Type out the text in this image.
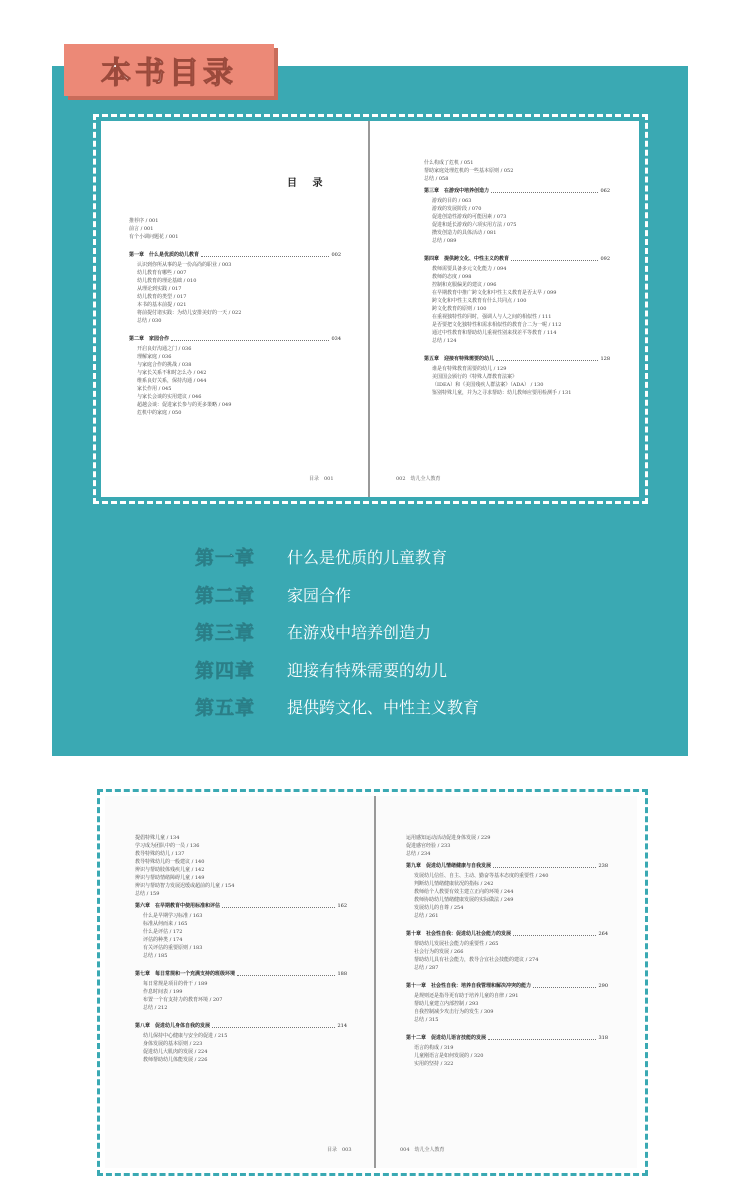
本书目录
目 录
推荐序 / 001
前言 / 001
有个小调问题花 / 001
第一章　什么是优质的幼儿教育	002
认识到你所从事的是一份高尚的职业 / 003
幼儿教育有哪些 / 007
幼儿教育的理论基础 / 010
从理论到实践 / 017
幼儿教育的类型 / 017
本书的基本前提 / 021
将前提付诸实践：为幼儿安排美好的一天 / 022
总结 / 030
第二章　家园合作	034
开启良好沟通之门 / 036
理解家庭 / 036
与家庭合作的挑战 / 038
与家长关系不和时怎么办 / 042
维系良好关系，保持沟通 / 044
家长作用 / 045
与家长会谈的实用建议 / 046
超越会谈：促进家长参与的更多策略 / 049
危机中的家庭 / 050
目录　001
什么构成了危机 / 051
帮助家庭处理危机的一些基本原则 / 052
总结 / 058
第三章　在游戏中培养创造力	062
游戏的目的 / 063
游戏的发展阶段 / 070
促进创造性游戏的可能因素 / 073
促进和延长游戏的六项实用方法 / 075
攒发创造力的具体活动 / 081
总结 / 089
第四章　提供跨文化、中性主义的教育	092
教师需要具备多元文化能力 / 094
教师的态度 / 098
控制和克服偏见的建议 / 096
在早期教育中推广跨文化和中性主义教育是否太早 / 099
跨文化和中性主义教育有什么共同点 / 100
跨文化教育的原则 / 100
在重视独特性的同时，强调人与人之间的相似性 / 111
是否要把文化独特性和需求相似性的教育合二为一呢 / 112
通过中性教育和帮助幼儿重视性别来找差平等教育 / 114
总结 / 124
第五章　迎接有特殊需要的幼儿	128
谁是有特殊教育需要的幼儿 / 129
美国国会颁行的《特殊人群教育法案》
（IDEA）和《美国残疾人群法案》（ADA） / 130
鉴别特殊儿童，并为之寻求帮助：幼儿教师应要用检测手 / 131
002　幼儿全人教育
第一章	什么是优质的儿童教育
第二章	家园合作
第三章	在游戏中培养创造力
第四章	迎接有特殊需要的幼儿
第五章	提供跨文化、中性主义教育
提倡特殊儿童 / 134
学习成为团队中的一员 / 136
教导特殊的幼儿 / 137
教导特殊幼儿的一般建议 / 140
辨识与帮助肢体残疾儿童 / 142
辨识与帮助情绪障碍儿童 / 149
辨识与帮助智力发展迟缓或超前的儿童 / 154
总结 / 159
第六章　在早期教育中使用标准和评估	162
什么是早期学习标准 / 163
标准从何而来 / 165
什么是评估 / 172
评估的种类 / 174
有关评估的重要原则 / 183
总结 / 185
第七章　每日常规和一个充满支持的班级环境	188
每日常规是项目的骨干 / 189
作息时间表 / 199
布置一个有支持力的教育环境 / 207
总结 / 212
第八章　促进幼儿身体自我的发展	214
幼儿保持中心健康与安全的促进 / 215
身体发展的基本原则 / 223
促进幼儿大肌肉的发展 / 224
教师帮助幼儿体能发展 / 226
目录　003
运用感知运动活动促进身体发展 / 229
促进感官经验 / 233
总结 / 234
第九章　促进幼儿情绪健康与自我发展	238
发展幼儿信任、自主、主动、勤奋等基本态度的重要性 / 240
判断幼儿情绪健康状况的指标 / 242
教师给个人教要有效主建立正向的环境 / 244
教师协助幼儿情绪健康发展的实际做法 / 249
发展幼儿的自尊 / 254
总结 / 261
第十章　社会性自我：促进幼儿社会能力的发展	264
帮助幼儿发展社会能力的重要性 / 265
社会行为的发展 / 266
帮助幼儿具有社会能力，教导合宜社会技能的建议 / 274
总结 / 287
第十一章　社会性自我：培养自我管理和解决冲突的能力	290
是规则还是指导更有助于培养儿童的自律 / 291
帮助儿童建立内部控制 / 293
自我控制减少攻击行为的发生 / 309
总结 / 315
第十二章　促进幼儿语言技能的发展	318
语言的构成 / 319
儿童刚语言是如何发展的 / 320
实用的坚持 / 322
004　幼儿全人教育
